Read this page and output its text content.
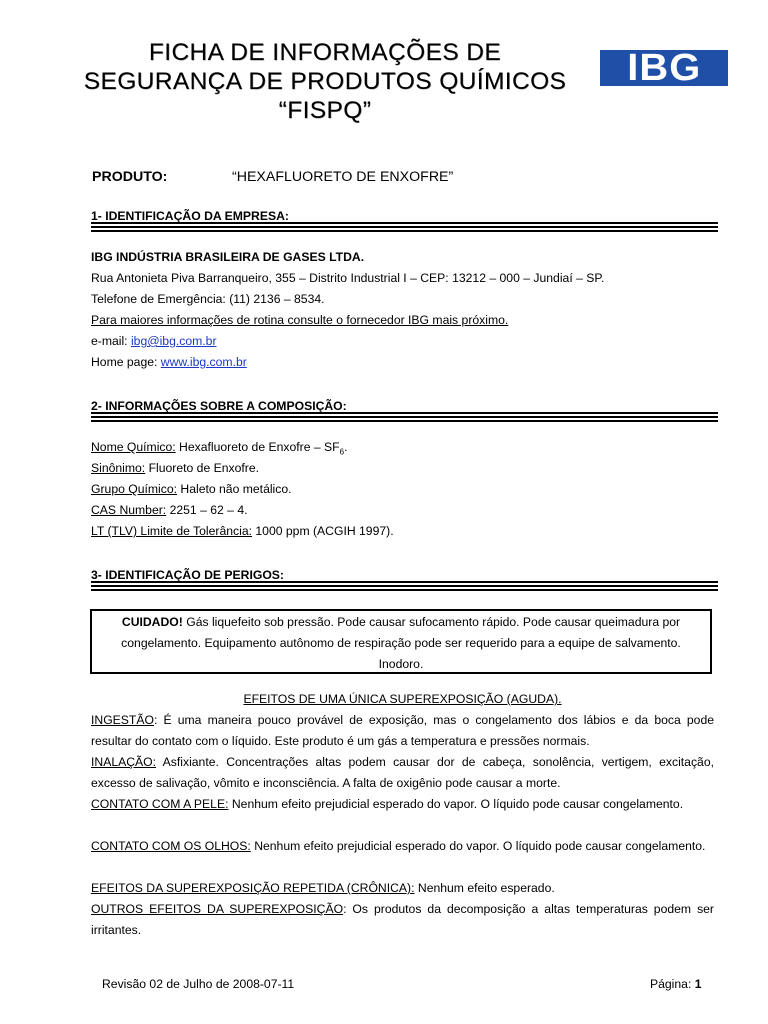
FICHA DE INFORMAÇÕES DE
SEGURANÇA DE PRODUTOS QUÍMICOS
“FISPQ”
IBG
PRODUTO:	“HEXAFLUORETO DE ENXOFRE”
1- IDENTIFICAÇÃO DA EMPRESA:
IBG INDÚSTRIA BRASILEIRA DE GASES LTDA.
Rua Antonieta Piva Barranqueiro, 355 – Distrito Industrial I – CEP: 13212 – 000 – Jundiaí – SP.
Telefone de Emergência: (11) 2136 – 8534.
Para maiores informações de rotina consulte o fornecedor IBG mais próximo.
e-mail: ibg@ibg.com.br
Home page: www.ibg.com.br
2- INFORMAÇÕES SOBRE A COMPOSIÇÃO:
Nome Químico: Hexafluoreto de Enxofre – $SF_6$.
Sinônimo: Fluoreto de Enxofre.
Grupo Químico: Haleto não metálico.
CAS Number: 2251 – 62 – 4.
LT (TLV) Limite de Tolerância: 1000 ppm (ACGIH 1997).
3- IDENTIFICAÇÃO DE PERIGOS:
CUIDADO! Gás liquefeito sob pressão. Pode causar sufocamento rápido. Pode causar queimadura por
congelamento. Equipamento autônomo de respiração pode ser requerido para a equipe de salvamento.
Inodoro.
EFEITOS DE UMA ÚNICA SUPEREXPOSIÇÃO (AGUDA).
INGESTÃO: É uma maneira pouco provável de exposição, mas o congelamento dos lábios e da boca pode resultar do contato com o líquido. Este produto é um gás a temperatura e pressões normais.
INALAÇÃO: Asfixiante. Concentrações altas podem causar dor de cabeça, sonolência, vertigem, excitação, excesso de salivação, vômito e inconsciência. A falta de oxigênio pode causar a morte.
CONTATO COM A PELE: Nenhum efeito prejudicial esperado do vapor. O líquido pode causar congelamento.
CONTATO COM OS OLHOS: Nenhum efeito prejudicial esperado do vapor. O líquido pode causar congelamento.
EFEITOS DA SUPEREXPOSIÇÃO REPETIDA (CRÔNICA): Nenhum efeito esperado.
OUTROS EFEITOS DA SUPEREXPOSIÇÃO: Os produtos da decomposição a altas temperaturas podem ser irritantes.
Revisão 02 de Julho de 2008-07-11	Página: 1
